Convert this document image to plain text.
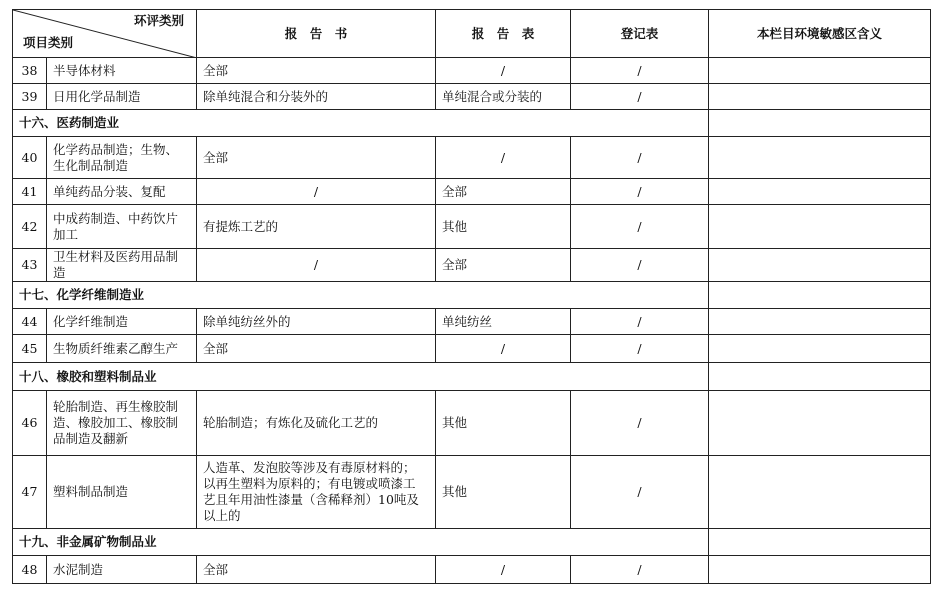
环评类别
项目类别		报　告　书	报　告　表	登记表	本栏目环境敏感区含义
38	半导体材料	全部	/	/	
39	日用化学品制造	除单纯混合和分装外的	单纯混合或分装的	/	
十六、医药制造业					
40	化学药品制造；生物、
生化制品制造	全部	/	/	
41	单纯药品分装、复配	/	全部	/	
42	中成药制造、中药饮片
加工	有提炼工艺的	其他	/	
43	卫生材料及医药用品制造	/	全部	/	
十七、化学纤维制造业					
44	化学纤维制造	除单纯纺丝外的	单纯纺丝	/	
45	生物质纤维素乙醇生产	全部	/	/	
十八、橡胶和塑料制品业					
46	轮胎制造、再生橡胶制
造、橡胶加工、橡胶制
品制造及翻新	轮胎制造；有炼化及硫化工艺的	其他	/	
47	塑料制品制造	人造革、发泡胶等涉及有毒原材料的；
以再生塑料为原料的；有电镀或喷漆工
艺且年用油性漆量（含稀释剂）10吨及
以上的	其他	/	
十九、非金属矿物制品业					
48	水泥制造	全部	/	/	
